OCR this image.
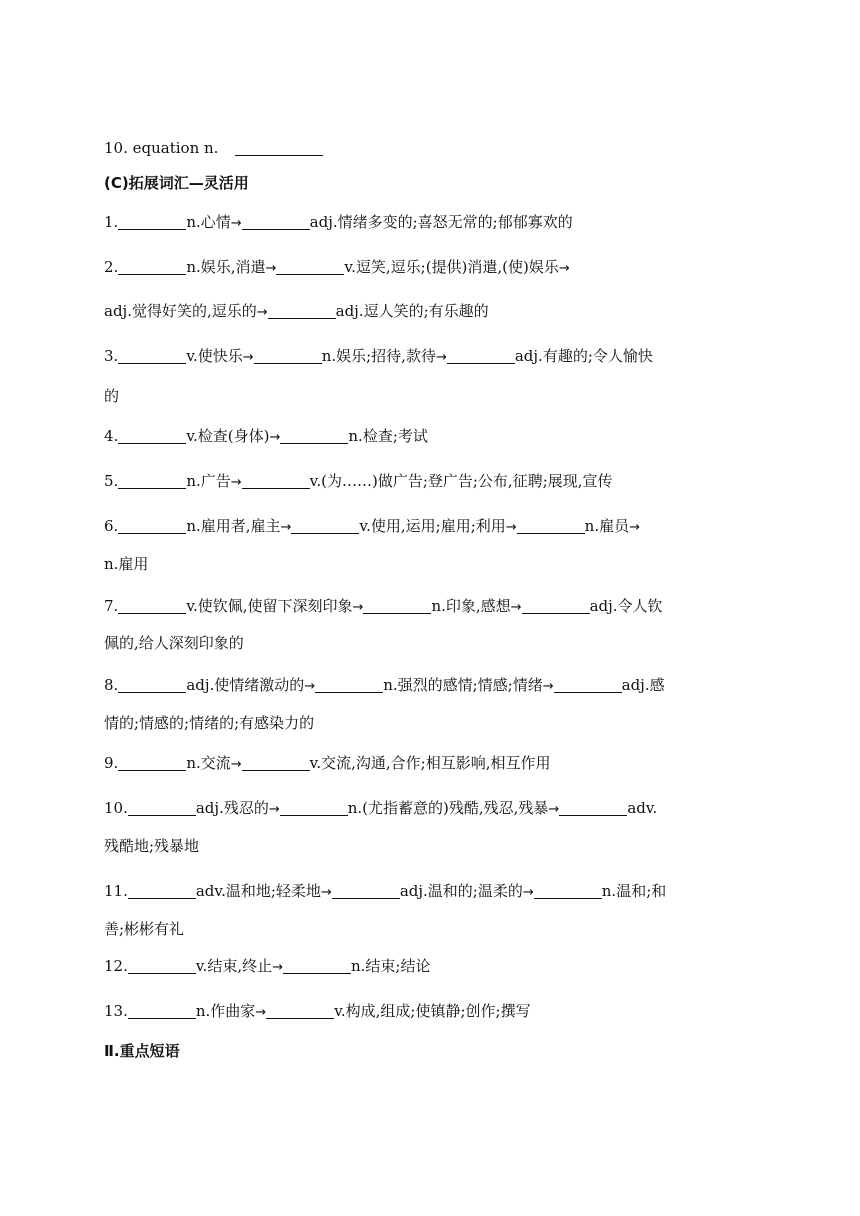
10. equation n.
(C)拓展词汇—灵活用
1.	n.心情→	adj.情绪多变的;喜怒无常的;郁郁寡欢的
2.	n.娱乐,消遣→	v.逗笑,逗乐;(提供)消遣,(使)娱乐→
adj.觉得好笑的,逗乐的→	adj.逗人笑的;有乐趣的
3.	v.使快乐→	n.娱乐;招待,款待→	adj.有趣的;令人愉快
的
4.	v.检查(身体)→	n.检查;考试
5.	n.广告→	v.(为……)做广告;登广告;公布,征聘;展现,宣传
6.	n.雇用者,雇主→	v.使用,运用;雇用;利用→	n.雇员→
n.雇用
7.	v.使钦佩,使留下深刻印象→	n.印象,感想→	adj.令人钦
佩的,给人深刻印象的
8.	adj.使情绪激动的→	n.强烈的感情;情感;情绪→	adj.感
情的;情感的;情绪的;有感染力的
9.	n.交流→	v.交流,沟通,合作;相互影响,相互作用
10.	adj.残忍的→	n.(尤指蓄意的)残酷,残忍,残暴→	adv.
残酷地;残暴地
11.	adv.温和地;轻柔地→	adj.温和的;温柔的→	n.温和;和
善;彬彬有礼
12.	v.结束,终止→	n.结束;结论
13.	n.作曲家→	v.构成,组成;使镇静;创作;撰写
Ⅱ.重点短语
